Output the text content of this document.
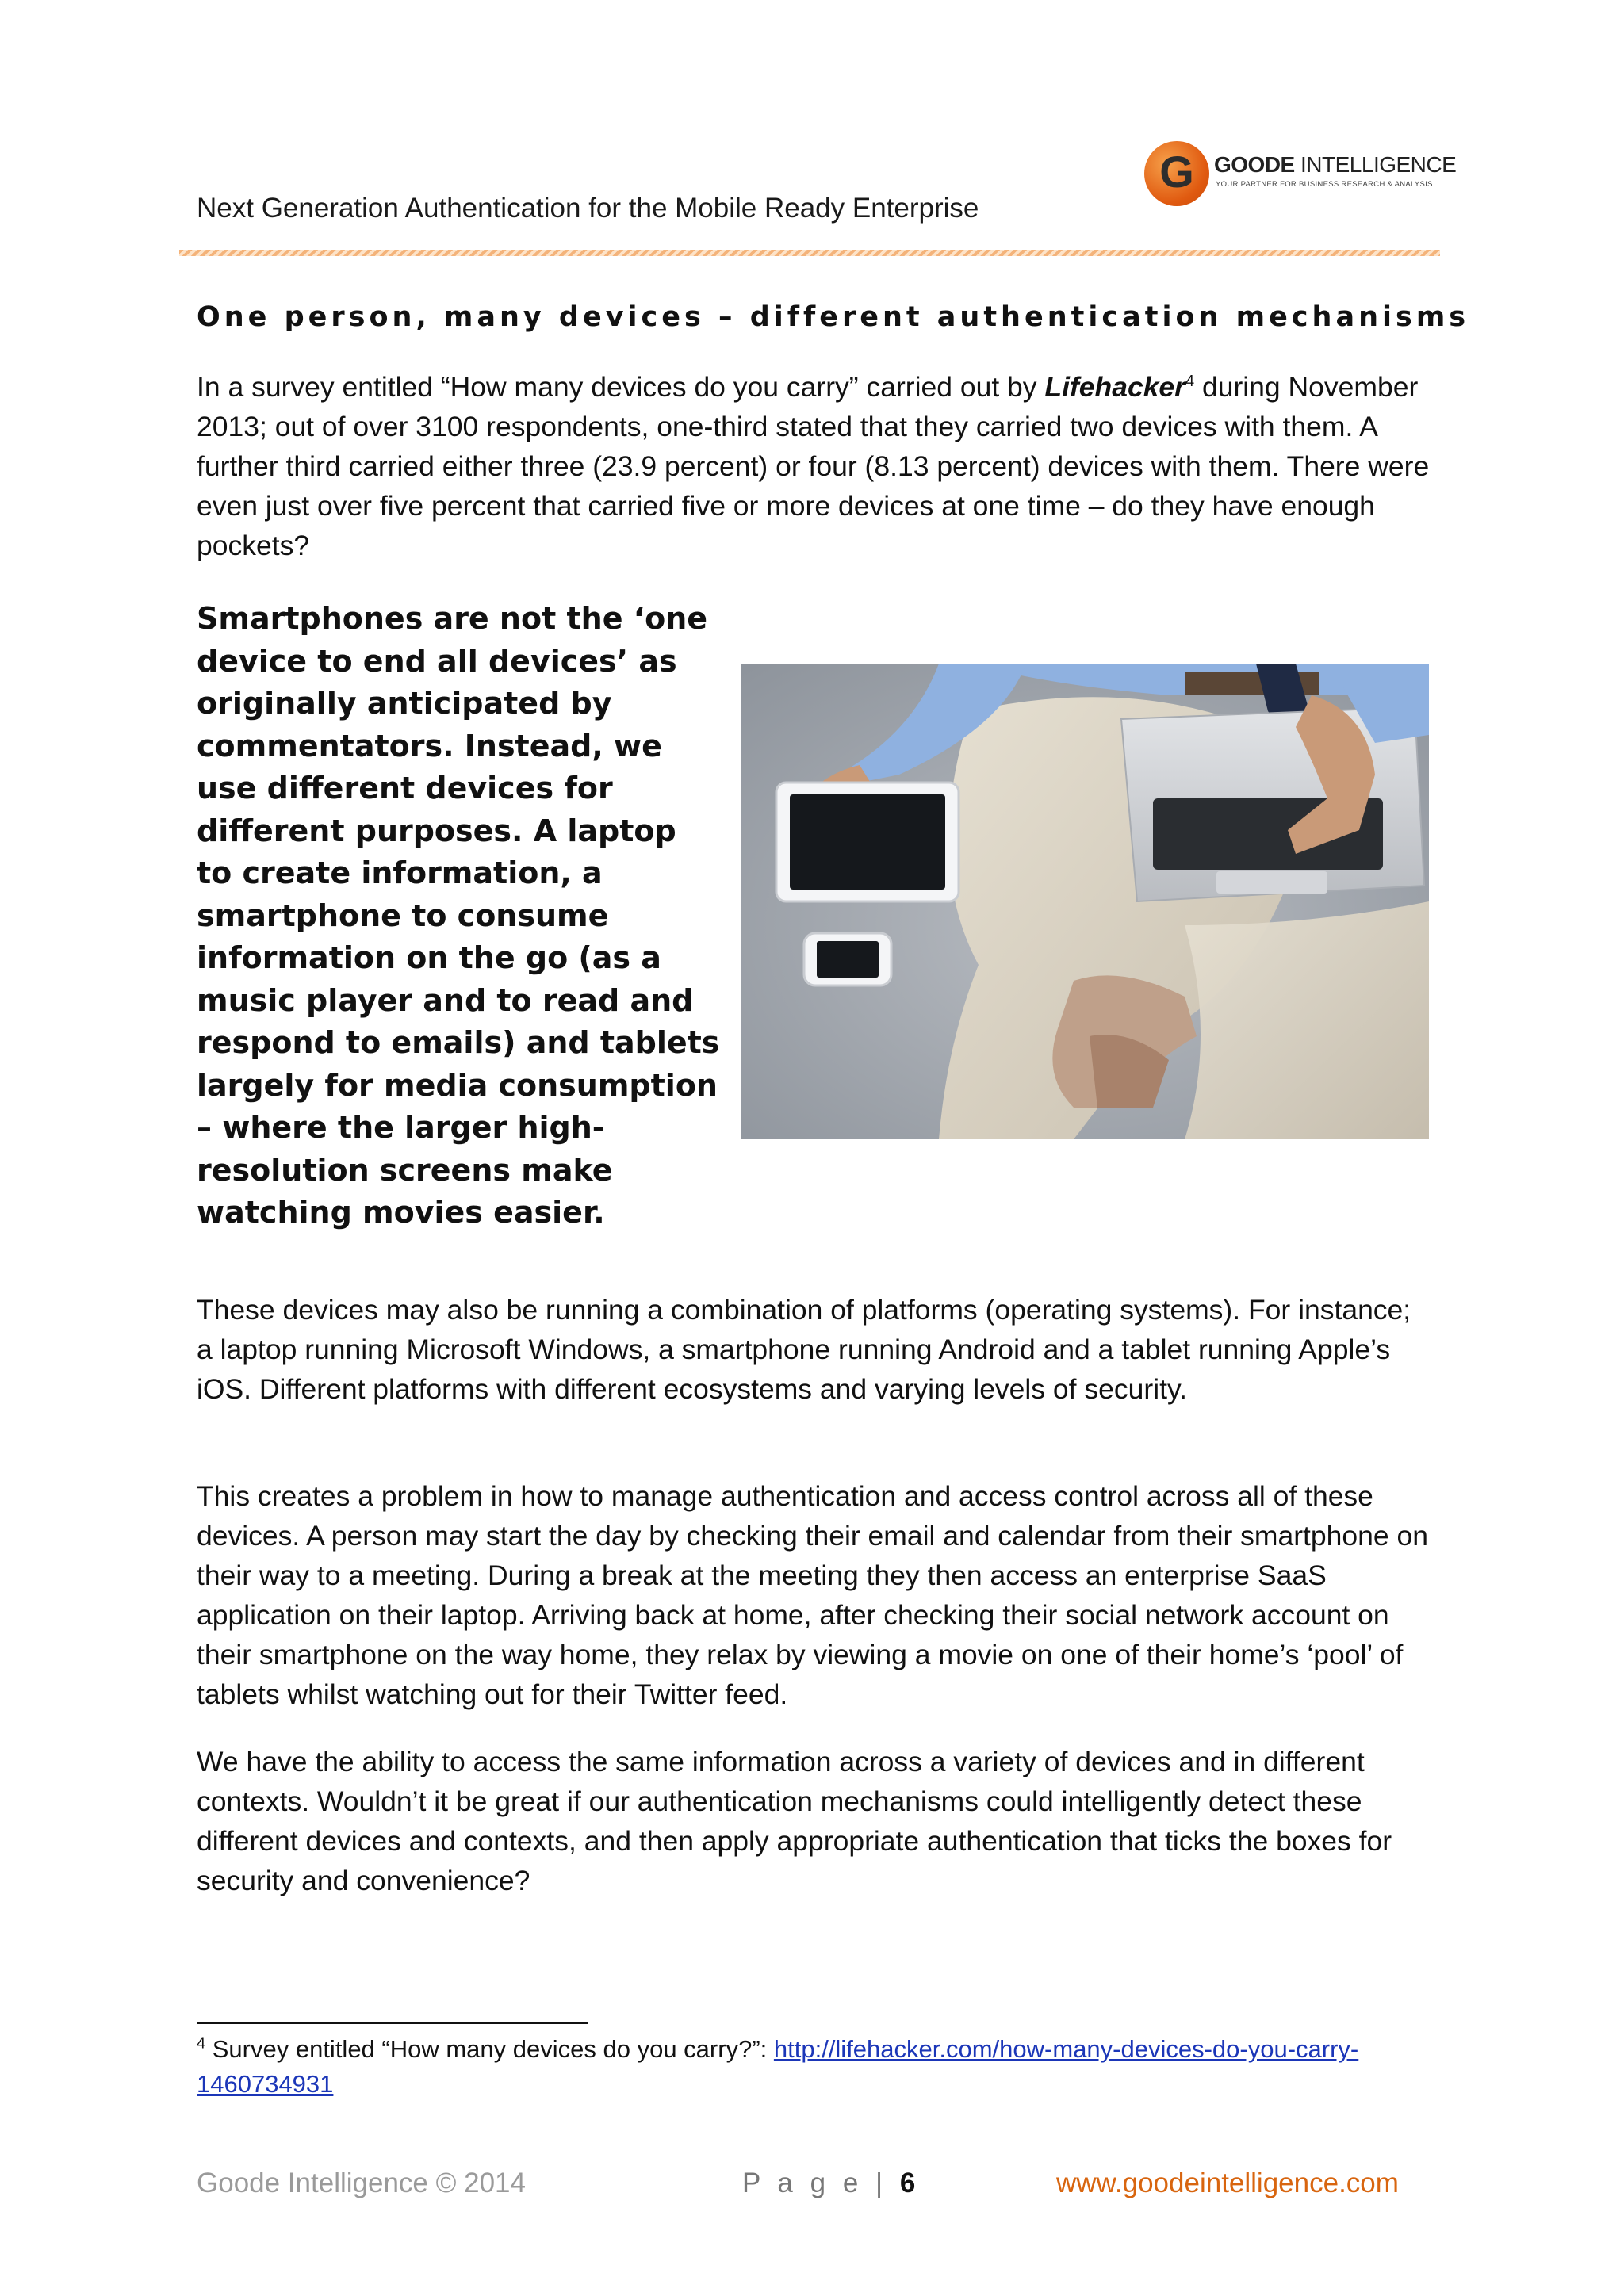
Next Generation Authentication for the Mobile Ready Enterprise
G GOODE INTELLIGENCE
YOUR PARTNER FOR BUSINESS RESEARCH & ANALYSIS
One person, many devices – different authentication mechanisms

In a survey entitled “How many devices do you carry” carried out by Lifehacker$^4$ during November 2013; out of over 3100 respondents, one-third stated that they carried two devices with them. A further third carried either three (23.9 percent) or four (8.13 percent) devices with them. There were even just over five percent that carried five or more devices at one time – do they have enough pockets?

Smartphones are not the ‘one device to end all devices’ as originally anticipated by commentators. Instead, we use different devices for different purposes. A laptop to create information, a smartphone to consume information on the go (as a music player and to read and respond to emails) and tablets largely for media consumption – where the larger high-resolution screens make watching movies easier.

These devices may also be running a combination of platforms (operating systems). For instance; a laptop running Microsoft Windows, a smartphone running Android and a tablet running Apple’s iOS. Different platforms with different ecosystems and varying levels of security.

This creates a problem in how to manage authentication and access control across all of these devices. A person may start the day by checking their email and calendar from their smartphone on their way to a meeting. During a break at the meeting they then access an enterprise SaaS application on their laptop. Arriving back at home, after checking their social network account on their smartphone on the way home, they relax by viewing a movie on one of their home’s ‘pool’ of tablets whilst watching out for their Twitter feed.

We have the ability to access the same information across a variety of devices and in different contexts. Wouldn’t it be great if our authentication mechanisms could intelligently detect these different devices and contexts, and then apply appropriate authentication that ticks the boxes for security and convenience?

$^4$ Survey entitled “How many devices do you carry?”: http://lifehacker.com/how-many-devices-do-you-carry-1460734931

Goode Intelligence © 2014	P a g e | 6	www.goodeintelligence.com
